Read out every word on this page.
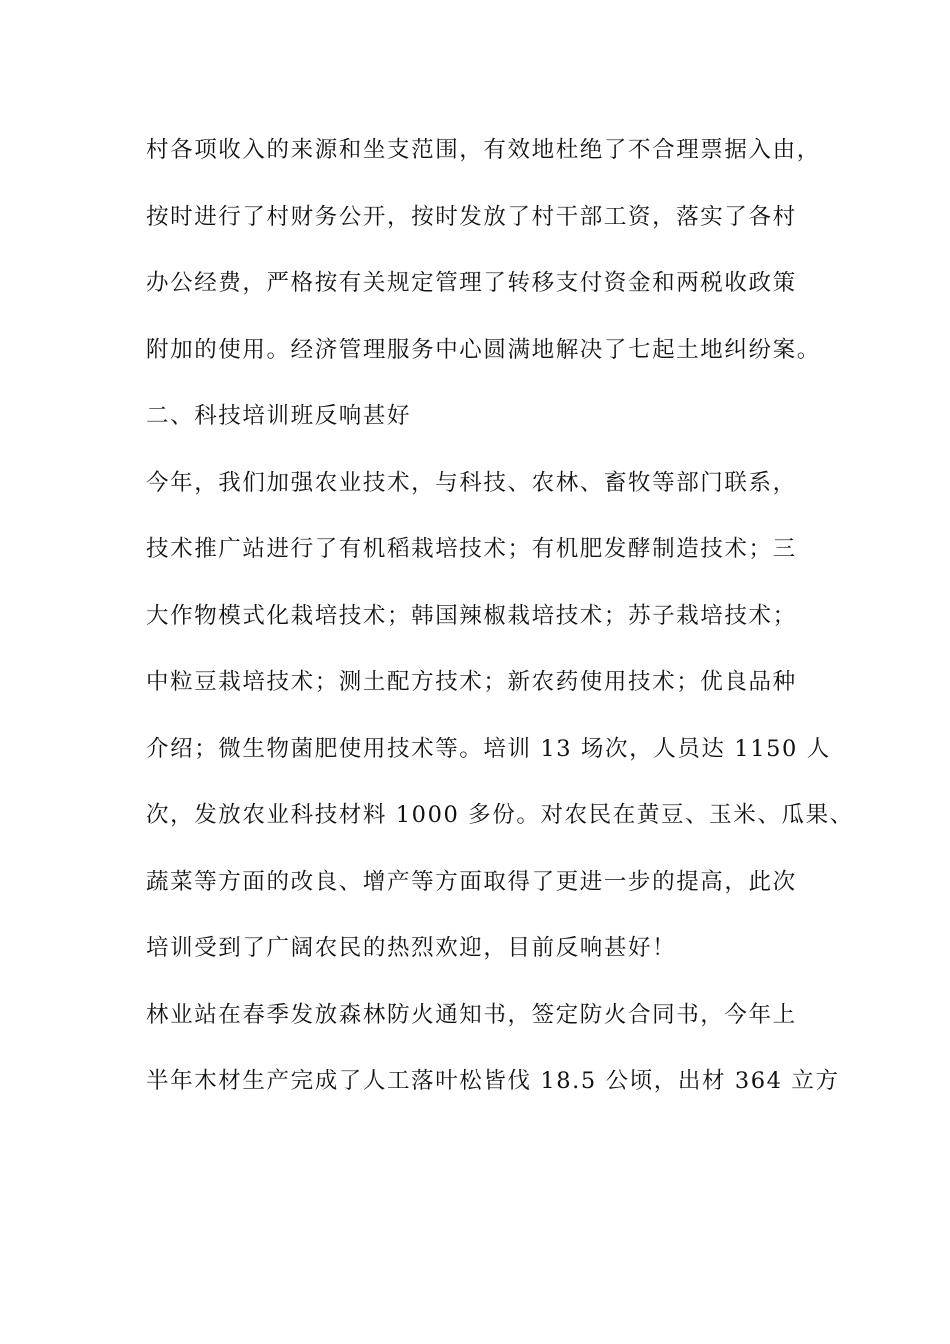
村各项收入的来源和坐支范围，有效地杜绝了不合理票据入由，
按时进行了村财务公开，按时发放了村干部工资，落实了各村
办公经费，严格按有关规定管理了转移支付资金和两税收政策
附加的使用。经济管理服务中心圆满地解决了七起土地纠纷案。
二、科技培训班反响甚好
今年，我们加强农业技术，与科技、农林、畜牧等部门联系，
技术推广站进行了有机稻栽培技术；有机肥发酵制造技术；三
大作物模式化栽培技术；韩国辣椒栽培技术；苏子栽培技术；
中粒豆栽培技术；测土配方技术；新农药使用技术；优良品种
介绍；微生物菌肥使用技术等。培训 13 场次，人员达 1150 人
次，发放农业科技材料 1000 多份。对农民在黄豆、玉米、瓜果、
蔬菜等方面的改良、增产等方面取得了更进一步的提高，此次
培训受到了广阔农民的热烈欢迎，目前反响甚好！
林业站在春季发放森林防火通知书，签定防火合同书，今年上
半年木材生产完成了人工落叶松皆伐 18.5 公顷，出材 364 立方
